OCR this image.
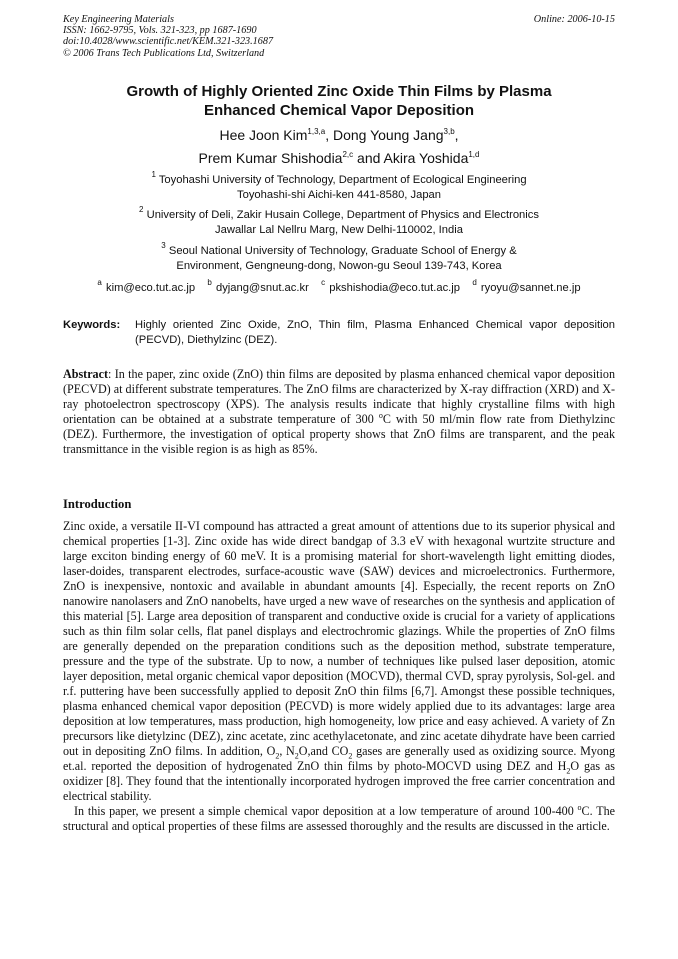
Key Engineering Materials	Online: 2006-10-15
ISSN: 1662-9795, Vols. 321-323, pp 1687-1690
doi:10.4028/www.scientific.net/KEM.321-323.1687
© 2006 Trans Tech Publications Ltd, Switzerland
Growth of Highly Oriented Zinc Oxide Thin Films by Plasma
Enhanced Chemical Vapor Deposition
Hee Joon Kim$^{1,3,a}$, Dong Young Jang$^{3,b}$,
Prem Kumar Shishodia$^{2,c}$ and Akira Yoshida$^{1,d}$
$^1$ Toyohashi University of Technology, Department of Ecological Engineering
Toyohashi-shi Aichi-ken 441-8580, Japan
$^2$ University of Deli, Zakir Husain College, Department of Physics and Electronics
Jawallar Lal Nellru Marg, New Delhi-110002, India
$^3$ Seoul National University of Technology, Graduate School of Energy &
Environment, Gengneung-dong, Nowon-gu Seoul 139-743, Korea
$^a$ kim@eco.tut.ac.jp $^b$ dyjang@snut.ac.kr $^c$ pkshishodia@eco.tut.ac.jp $^d$ ryoyu@sannet.ne.jp
Keywords:	Highly oriented Zinc Oxide, ZnO, Thin film, Plasma Enhanced Chemical vapor deposition (PECVD), Diethylzinc (DEZ).

Abstract: In the paper, zinc oxide (ZnO) thin films are deposited by plasma enhanced chemical vapor deposition (PECVD) at different substrate temperatures. The ZnO films are characterized by X-ray diffraction (XRD) and X-ray photoelectron spectroscopy (XPS). The analysis results indicate that highly crystalline films with high orientation can be obtained at a substrate temperature of 300 $^o$C with 50 ml/min flow rate from Diethylzinc (DEZ). Furthermore, the investigation of optical property shows that ZnO films are transparent, and the peak transmittance in the visible region is as high as 85%.

Introduction

Zinc oxide, a versatile II-VI compound has attracted a great amount of attentions due to its superior physical and chemical properties [1-3]. Zinc oxide has wide direct bandgap of 3.3 eV with hexagonal wurtzite structure and large exciton binding energy of 60 meV. It is a promising material for short-wavelength light emitting diodes, laser-doides, transparent electrodes, surface-acoustic wave (SAW) devices and microelectronics. Furthermore, ZnO is inexpensive, nontoxic and available in abundant amounts [4]. Especially, the recent reports on ZnO nanowire nanolasers and ZnO nanobelts, have urged a new wave of researches on the synthesis and application of this material [5]. Large area deposition of transparent and conductive oxide is crucial for a variety of applications such as thin film solar cells, flat panel displays and electrochromic glazings. While the properties of ZnO films are generally depended on the preparation conditions such as the deposition method, substrate temperature, pressure and the type of the substrate. Up to now, a number of techniques like pulsed laser deposition, atomic layer deposition, metal organic chemical vapor deposition (MOCVD), thermal CVD, spray pyrolysis, Sol-gel. and r.f. puttering have been successfully applied to deposit ZnO thin films [6,7]. Amongst these possible techniques, plasma enhanced chemical vapor deposition (PECVD) is more widely applied due to its advantages: large area deposition at low temperatures, mass production, high homogeneity, low price and easy achieved. A variety of Zn precursors like dietylzinc (DEZ), zinc acetate, zinc acethylacetonate, and zinc acetate dihydrate have been carried out in depositing ZnO films. In addition, $O_2$, $N_2O,and$ $CO_2$ gases are generally used as oxidizing source. Myong et.al. reported the deposition of hydrogenated ZnO thin films by photo-MOCVD using DEZ and $H_2O$ gas as oxidizer [8]. They found that the intentionally incorporated hydrogen improved the free carrier concentration and electrical stability.

In this paper, we present a simple chemical vapor deposition at a low temperature of around 100-400 $^o$C. The structural and optical properties of these films are assessed thoroughly and the results are discussed in the article.
